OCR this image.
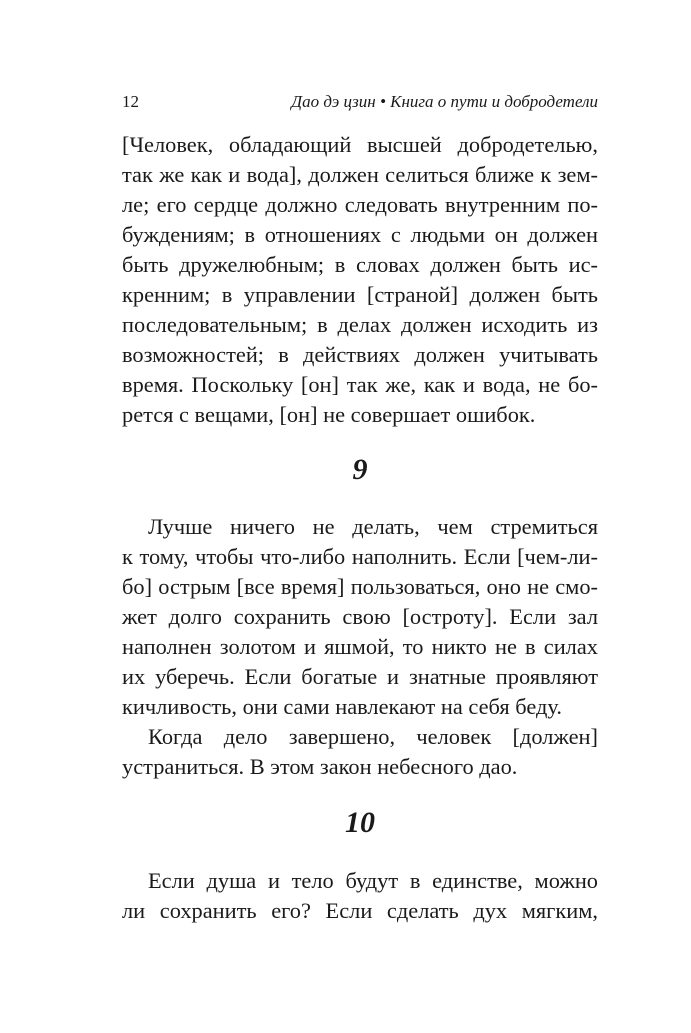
12	Дао дэ цзин • Книга о пути и добродетели
[Человек, обладающий высшей добродетелью,
так же как и вода], должен селиться ближе к зем-
ле; его сердце должно следовать внутренним по-
буждениям; в отношениях с людьми он должен
быть дружелюбным; в словах должен быть ис-
кренним; в управлении [страной] должен быть
последовательным; в делах должен исходить из
возможностей; в действиях должен учитывать
время. Поскольку [он] так же, как и вода, не бо-
рется с вещами, [он] не совершает ошибок.
9
Лучше ничего не делать, чем стремиться
к тому, чтобы что-либо наполнить. Если [чем-ли-
бо] острым [все время] пользоваться, оно не смо-
жет долго сохранить свою [остроту]. Если зал
наполнен золотом и яшмой, то никто не в силах
их уберечь. Если богатые и знатные проявляют
кичливость, они сами навлекают на себя беду.
Когда дело завершено, человек [должен]
устраниться. В этом закон небесного дао.
10
Если душа и тело будут в единстве, можно
ли сохранить его? Если сделать дух мягким,
